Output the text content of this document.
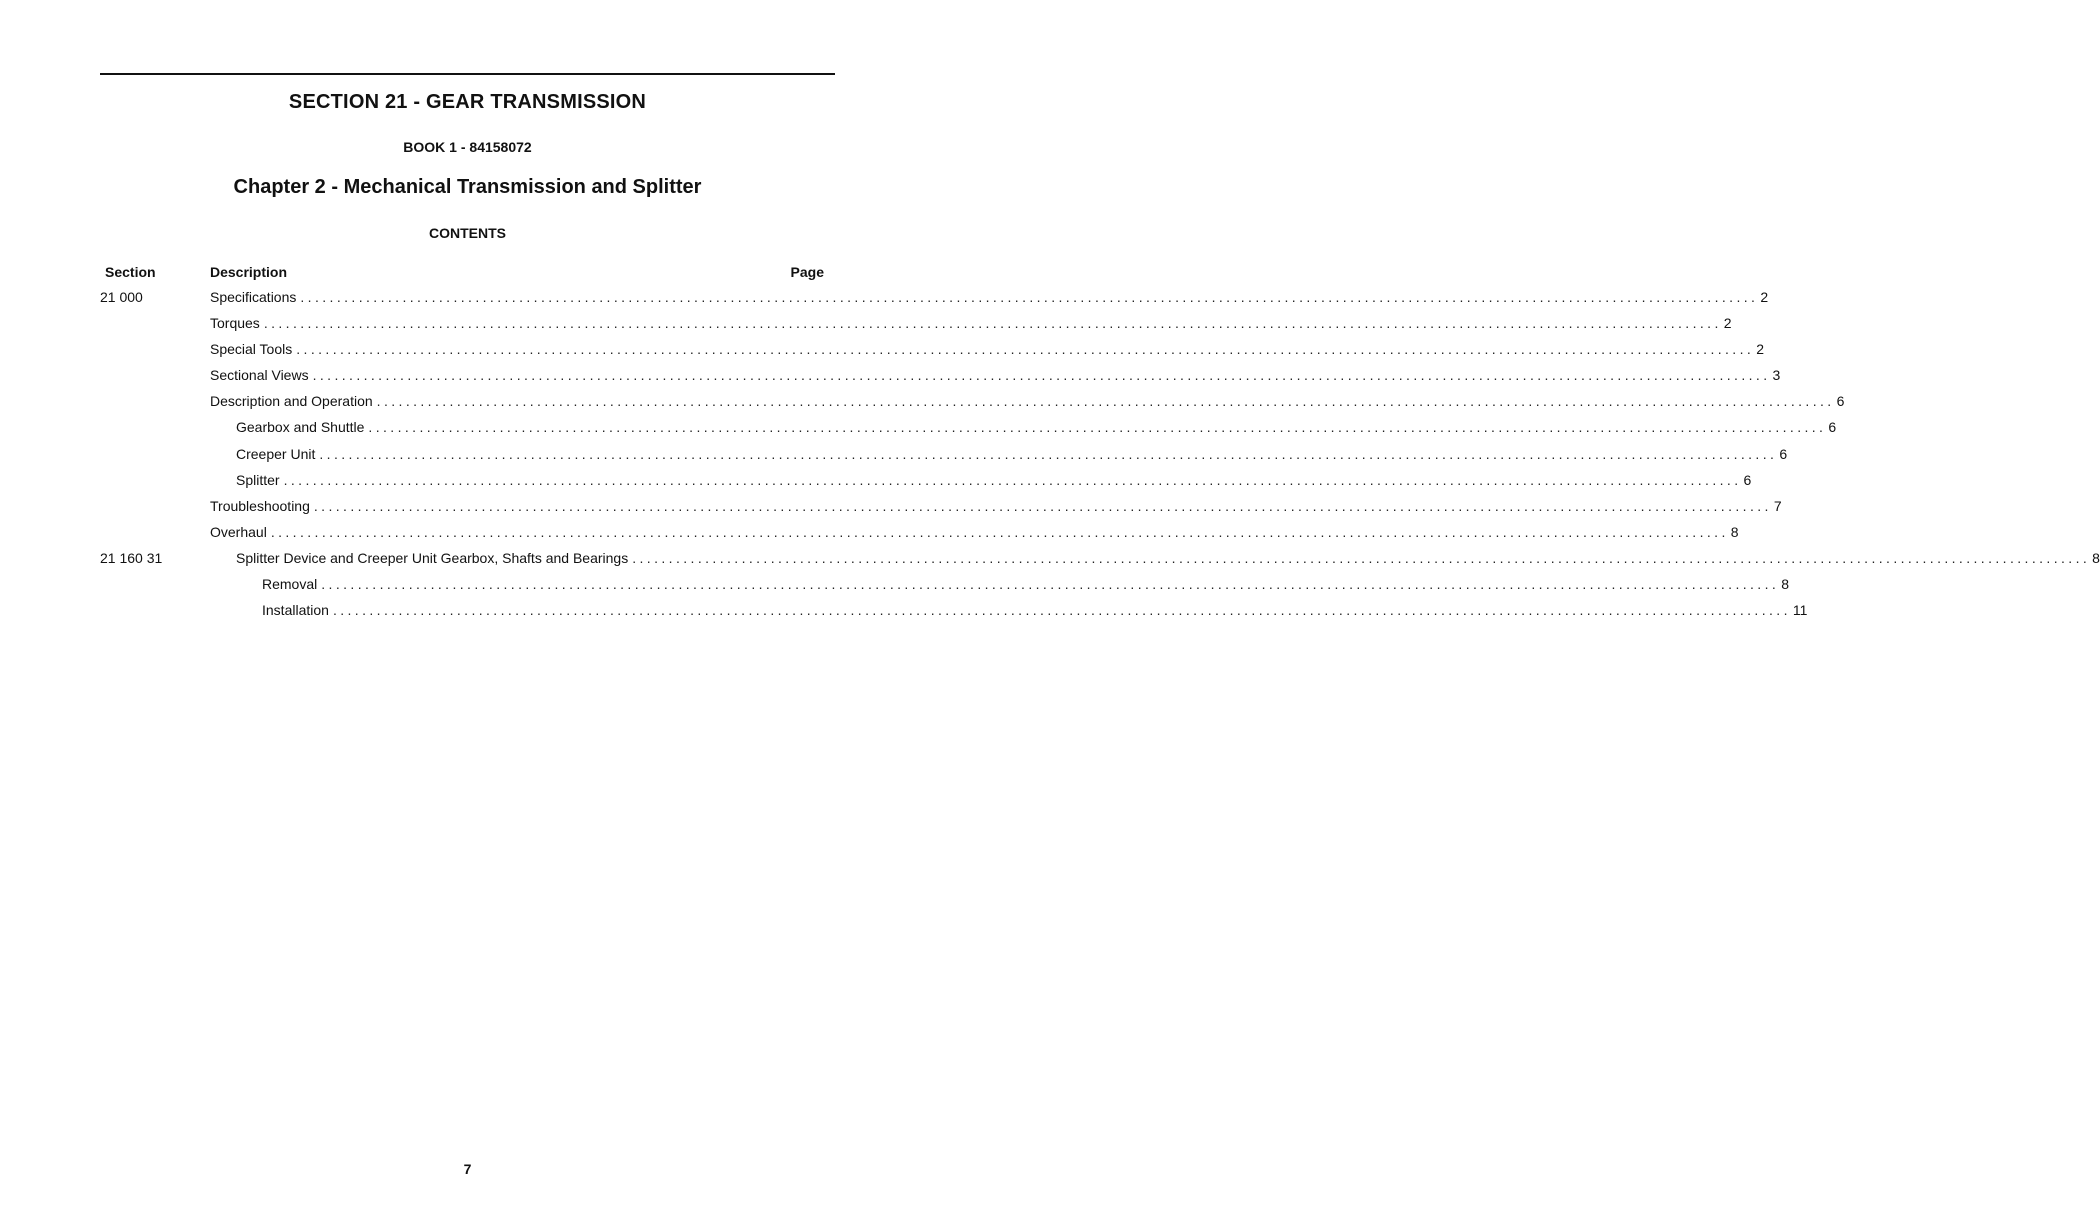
SECTION 21 - GEAR TRANSMISSION
BOOK 1 - 84158072
Chapter 2 - Mechanical Transmission and Splitter
CONTENTS
Section	Description	Page
21 000	Specifications ........................................................................................................................................................................................................ 2
Torques ........................................................................................................................................................................................................ 2
Special Tools ........................................................................................................................................................................................................ 2
Sectional Views ........................................................................................................................................................................................................ 3
Description and Operation ........................................................................................................................................................................................................ 6
Gearbox and Shuttle ........................................................................................................................................................................................................ 6
Creeper Unit ........................................................................................................................................................................................................ 6
Splitter ........................................................................................................................................................................................................ 6
Troubleshooting ........................................................................................................................................................................................................ 7
Overhaul ........................................................................................................................................................................................................ 8
21 160 31	Splitter Device and Creeper Unit Gearbox, Shafts and Bearings ........................................................................................................................................................................................................ 8
Removal ........................................................................................................................................................................................................ 8
Installation ........................................................................................................................................................................................................ 11
7
